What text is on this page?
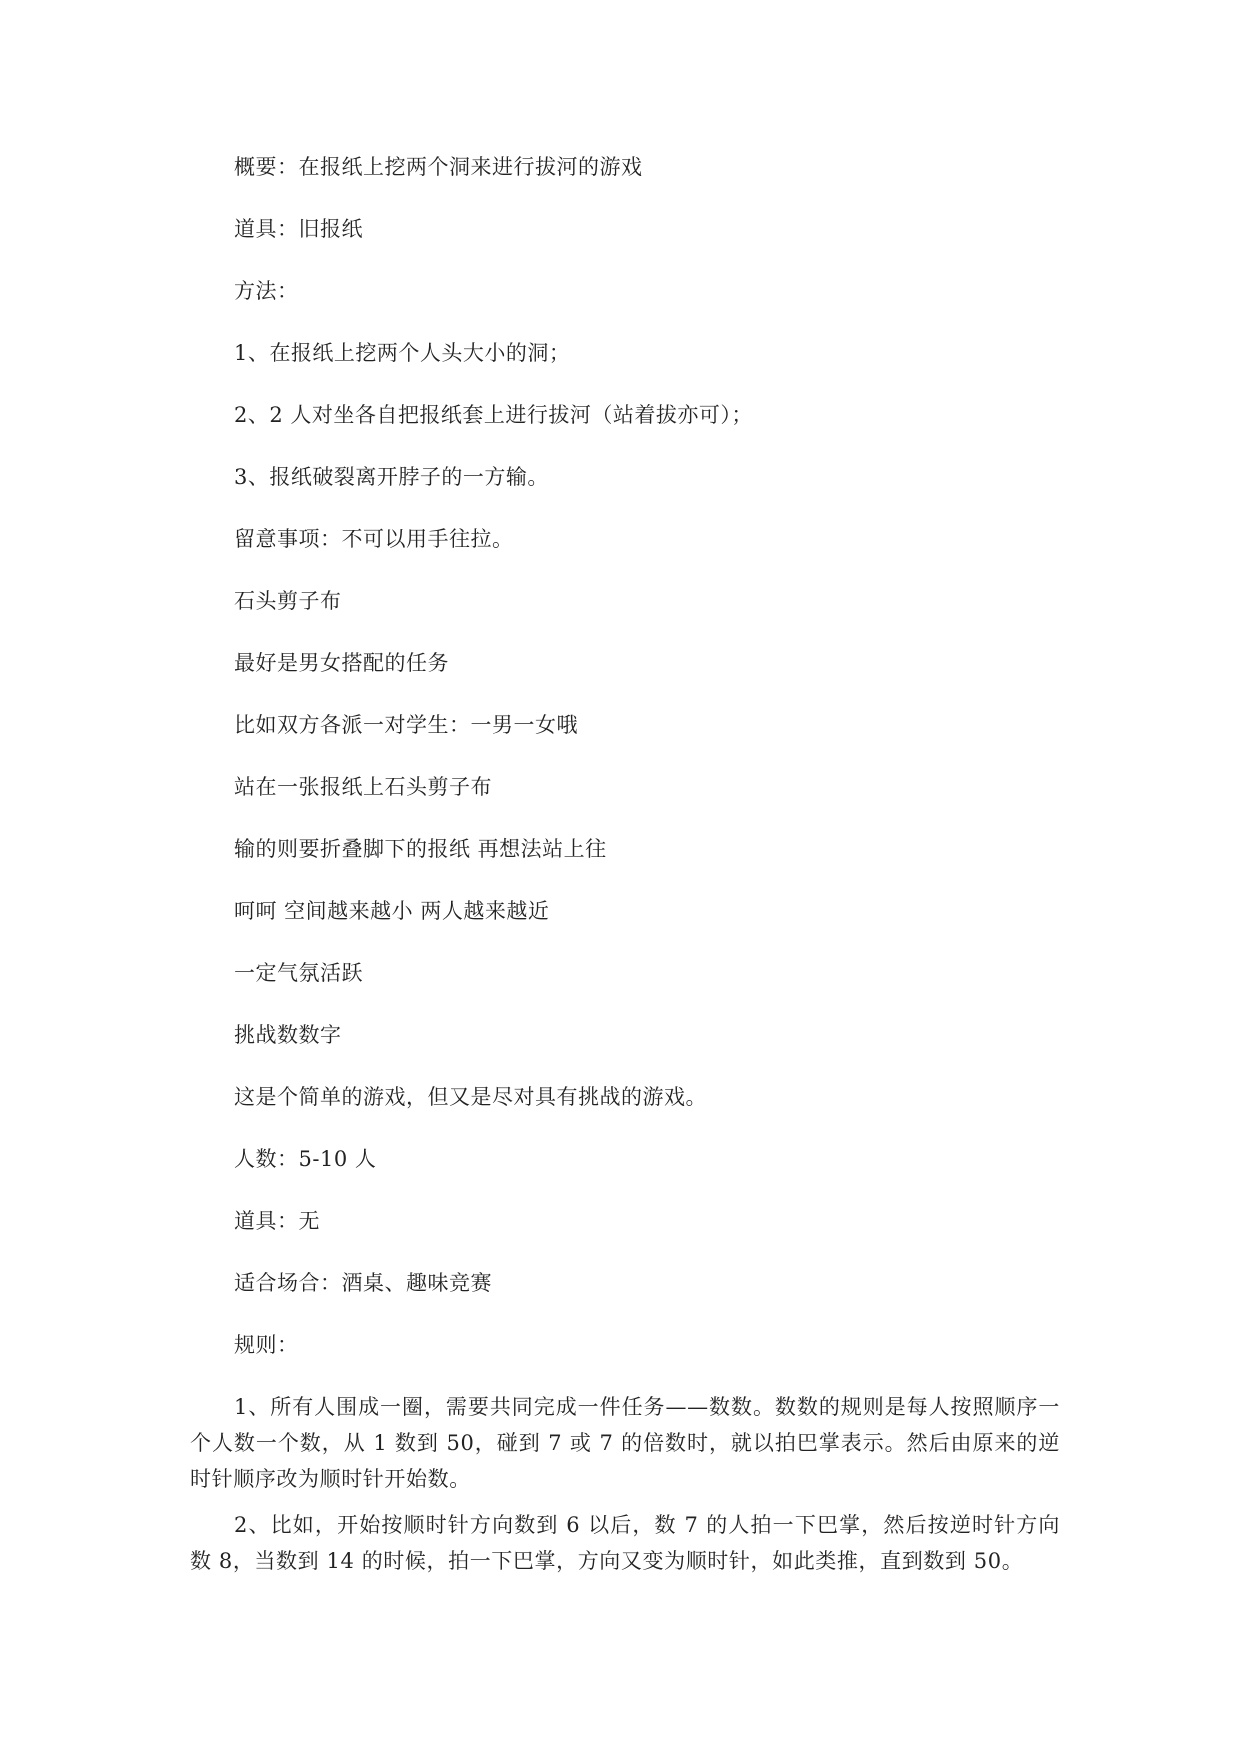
概要：在报纸上挖两个洞来进行拔河的游戏
道具：旧报纸
方法：
1、在报纸上挖两个人头大小的洞；
2、2 人对坐各自把报纸套上进行拔河（站着拔亦可）；
3、报纸破裂离开脖子的一方输。
留意事项：不可以用手往拉。
石头剪子布
最好是男女搭配的任务
比如双方各派一对学生：一男一女哦
站在一张报纸上石头剪子布
输的则要折叠脚下的报纸 再想法站上往
呵呵 空间越来越小 两人越来越近
一定气氛活跃
挑战数数字
这是个简单的游戏，但又是尽对具有挑战的游戏。
人数：5-10 人
道具：无
适合场合：酒桌、趣味竞赛
规则：
1、所有人围成一圈，需要共同完成一件任务——数数。数数的规则是每人按照顺序一个人数一个数，从 1 数到 50，碰到 7 或 7 的倍数时，就以拍巴掌表示。然后由原来的逆时针顺序改为顺时针开始数。
2、比如，开始按顺时针方向数到 6 以后，数 7 的人拍一下巴掌，然后按逆时针方向数 8，当数到 14 的时候，拍一下巴掌，方向又变为顺时针，如此类推，直到数到 50。
